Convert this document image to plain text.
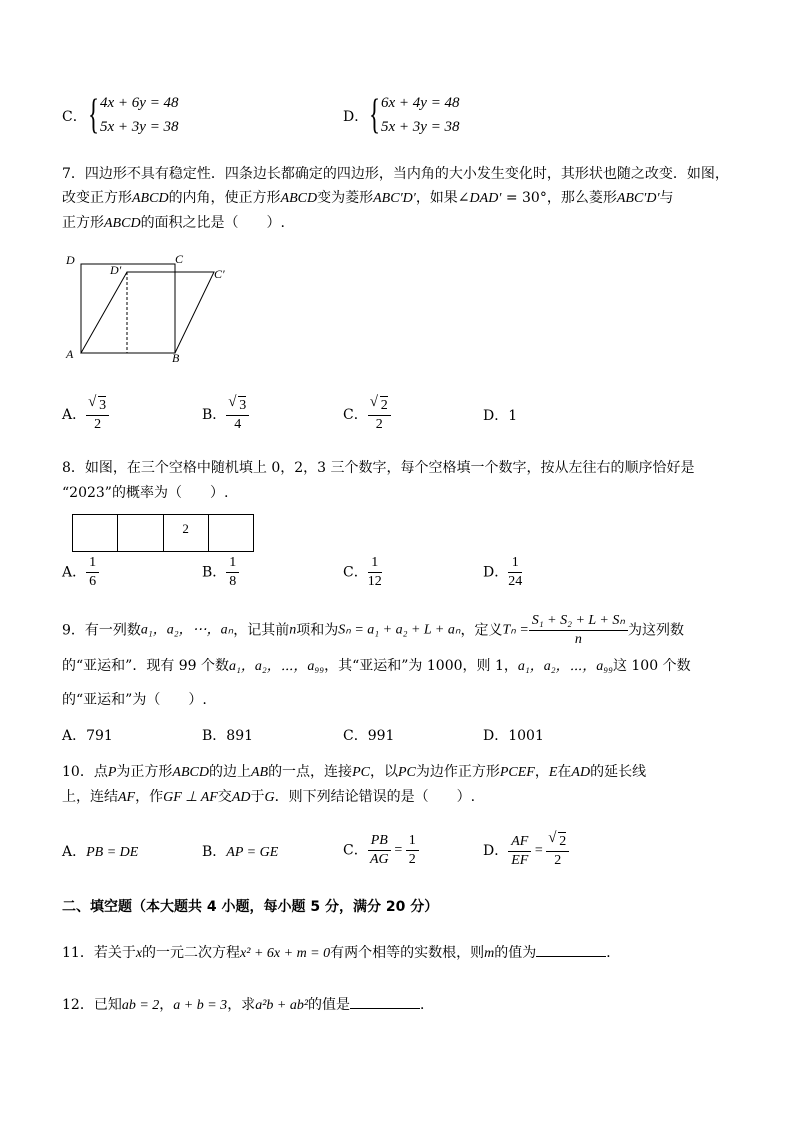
C． { 4x + 6y = 48
5x + 3y = 38
D． { 6x + 4y = 48
5x + 3y = 38
7．四边形不具有稳定性．四条边长都确定的四边形，当内角的大小发生变化时，其形状也随之改变．如图，
改变正方形ABCD的内角，使正方形ABCD变为菱形ABC′D′，如果∠DAD′ = 30°，那么菱形ABC′D′与
正方形ABCD的面积之比是（　　）.
D	C
D′	C′
A	B
A． √ $\frac{3}{2}$	B． √ $\frac{3}{4}$	C． √ $\frac{2}{2}$	D．1
8．如图，在三个空格中随机填上 0，2，3 三个数字，每个空格填一个数字，按从左往右的顺序恰好是
“2023”的概率为（　　）.
2
A． $\frac{1}{6}$	B． $\frac{1}{8}$	C． $\frac{1}{12}$	D． $\frac{1}{24}$
9．有一列数a₁，a₂，⋯，aₙ，记其前n项和为Sₙ = a₁ + a₂ + L + aₙ，定义$T_n = \frac{\text{S₁ + S₂ + L + Sₙ}}{n}$ 为这列数
的“亚运和”．现有 99 个数a₁，a₂，⋯，a₉₉，其“亚运和”为 1000，则 1，a₁，a₂，⋯，a₉₉这 100 个数
的“亚运和”为（　　）.
A．791	B．891	C．991	D．1001
10．点P为正方形ABCD的边上AB的一点，连接PC，以PC为边作正方形PCEF，E在AD的延长线
上，连结AF，作GF ⊥ AF交AD于G．则下列结论错误的是（　　）.
A．PB = DE	B．AP = GE	C． $\frac{PB}{AG} = \frac{1}{2}$	D． $\frac{AF}{EF}$ = √ $\frac{2}{2}$
二、填空题（本大题共 4 小题，每小题 5 分，满分 20 分）
11．若关于x的一元二次方程x² + 6x + m = 0有两个相等的实数根，则m的值为	．
12．已知ab = 2，a + b = 3，求a²b + ab²的值是	．
